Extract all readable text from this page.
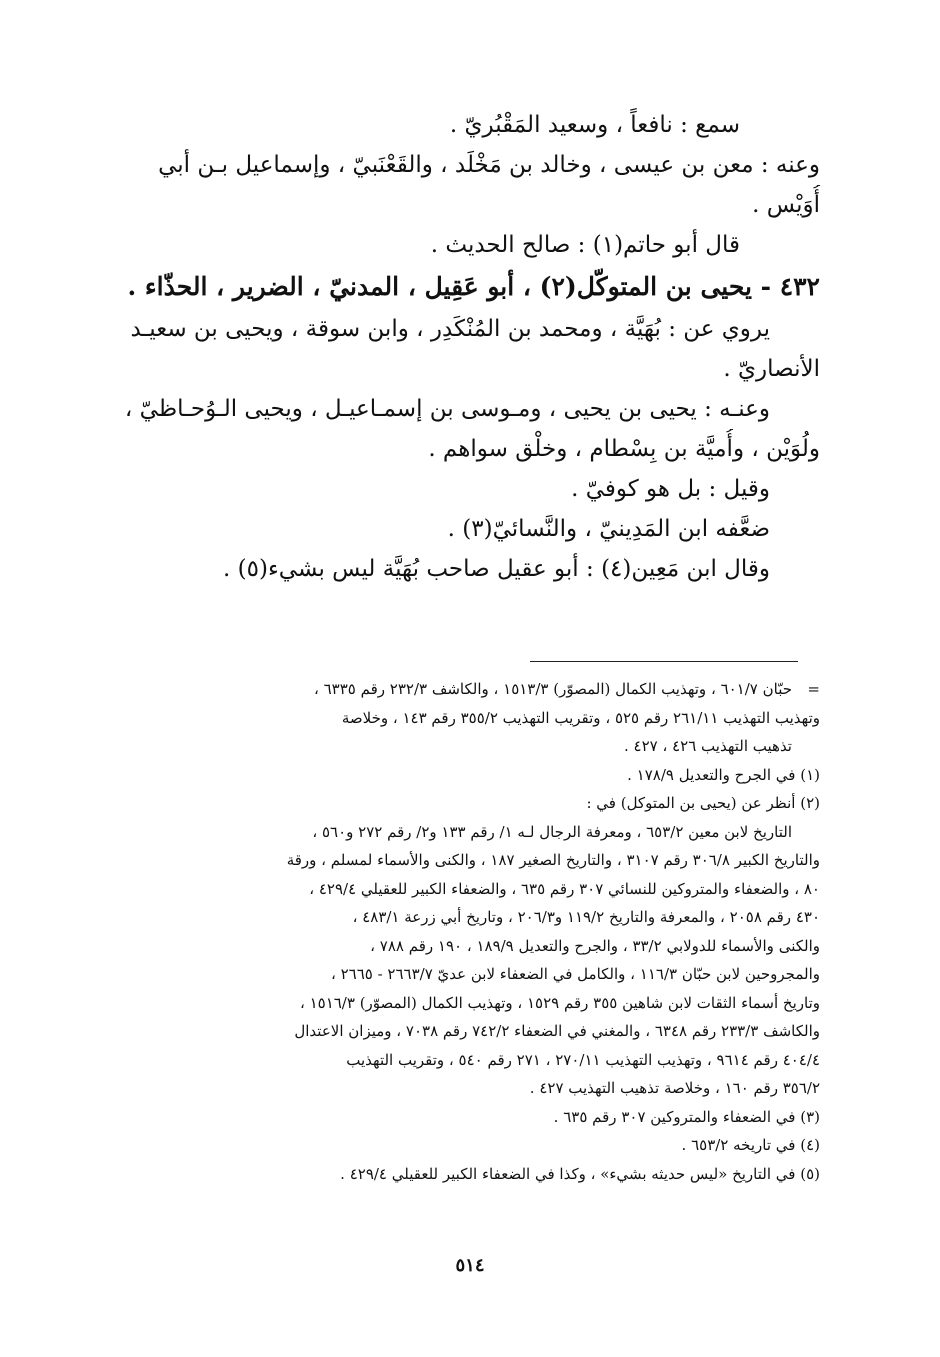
سمع : نافعاً ، وسعيد المَقْبُريّ .
وعنه : معن بن عيسى ، وخالد بن مَخْلَد ، والقَعْنَبيّ ، وإسماعيل بـن أبي
أُوَيْس .
قال أبو حاتم(١) : صالح الحديث .
٤٣٢ - يحيى بن المتوكّل(٢) ، أبو عَقِيل ، المدنيّ ، الضرير ، الحذّاء .
يروي عن : بُهَيَّة ، ومحمد بن المُنْكَدِر ، وابن سوقة ، ويحيى بن سعيـد
الأنصاريّ .
وعنـه : يحيى بن يحيى ، ومـوسى بن إسمـاعيـل ، ويحيى الـوُحـاظيّ ،
ولُوَيْن ، وأُميَّة بن بِسْطام ، وخلْق سواهم .
وقيل : بل هو كوفيّ .
ضعَّفه ابن المَدِينيّ ، والنَّسائيّ(٣) .
وقال ابن مَعِين(٤) : أبو عقيل صاحب بُهَيَّة ليس بشيء(٥) .
=حبّان ٦٠١/٧ ، وتهذيب الكمال (المصوّر) ١٥١٣/٣ ، والكاشف ٢٣٢/٣ رقم ٦٣٣٥ ،
وتهذيب التهذيب ٢٦١/١١ رقم ٥٢٥ ، وتقريب التهذيب ٣٥٥/٢ رقم ١٤٣ ، وخلاصة
تذهيب التهذيب ٤٢٦ ، ٤٢٧ .
(١) في الجرح والتعديل ١٧٨/٩ .
(٢) أنظر عن (يحيى بن المتوكل) في :
التاريخ لابن معين ٦٥٣/٢ ، ومعرفة الرجال لـه ١/ رقم ١٣٣ و٢/ رقم ٢٧٢ و٥٦٠ ،
والتاريخ الكبير ٣٠٦/٨ رقم ٣١٠٧ ، والتاريخ الصغير ١٨٧ ، والكنى والأسماء لمسلم ، ورقة
٨٠ ، والضعفاء والمتروكين للنسائي ٣٠٧ رقم ٦٣٥ ، والضعفاء الكبير للعقيلي ٤٢٩/٤ ،
٤٣٠ رقم ٢٠٥٨ ، والمعرفة والتاريخ ١١٩/٢ و٢٠٦/٣ ، وتاريخ أبي زرعة ٤٨٣/١ ،
والكنى والأسماء للدولابي ٣٣/٢ ، والجرح والتعديل ١٨٩/٩ ، ١٩٠ رقم ٧٨٨ ،
والمجروحين لابن حبّان ١١٦/٣ ، والكامل في الضعفاء لابن عديّ ٢٦٦٣/٧ - ٢٦٦٥ ،
وتاريخ أسماء الثقات لابن شاهين ٣٥٥ رقم ١٥٢٩ ، وتهذيب الكمال (المصوّر) ١٥١٦/٣ ،
والكاشف ٢٣٣/٣ رقم ٦٣٤٨ ، والمغني في الضعفاء ٧٤٢/٢ رقم ٧٠٣٨ ، وميزان الاعتدال
٤٠٤/٤ رقم ٩٦١٤ ، وتهذيب التهذيب ٢٧٠/١١ ، ٢٧١ رقم ٥٤٠ ، وتقريب التهذيب
٣٥٦/٢ رقم ١٦٠ ، وخلاصة تذهيب التهذيب ٤٢٧ .
(٣) في الضعفاء والمتروكين ٣٠٧ رقم ٦٣٥ .
(٤) في تاريخه ٦٥٣/٢ .
(٥) في التاريخ «ليس حديثه بشيء» ، وكذا في الضعفاء الكبير للعقيلي ٤٢٩/٤ .
٥١٤
